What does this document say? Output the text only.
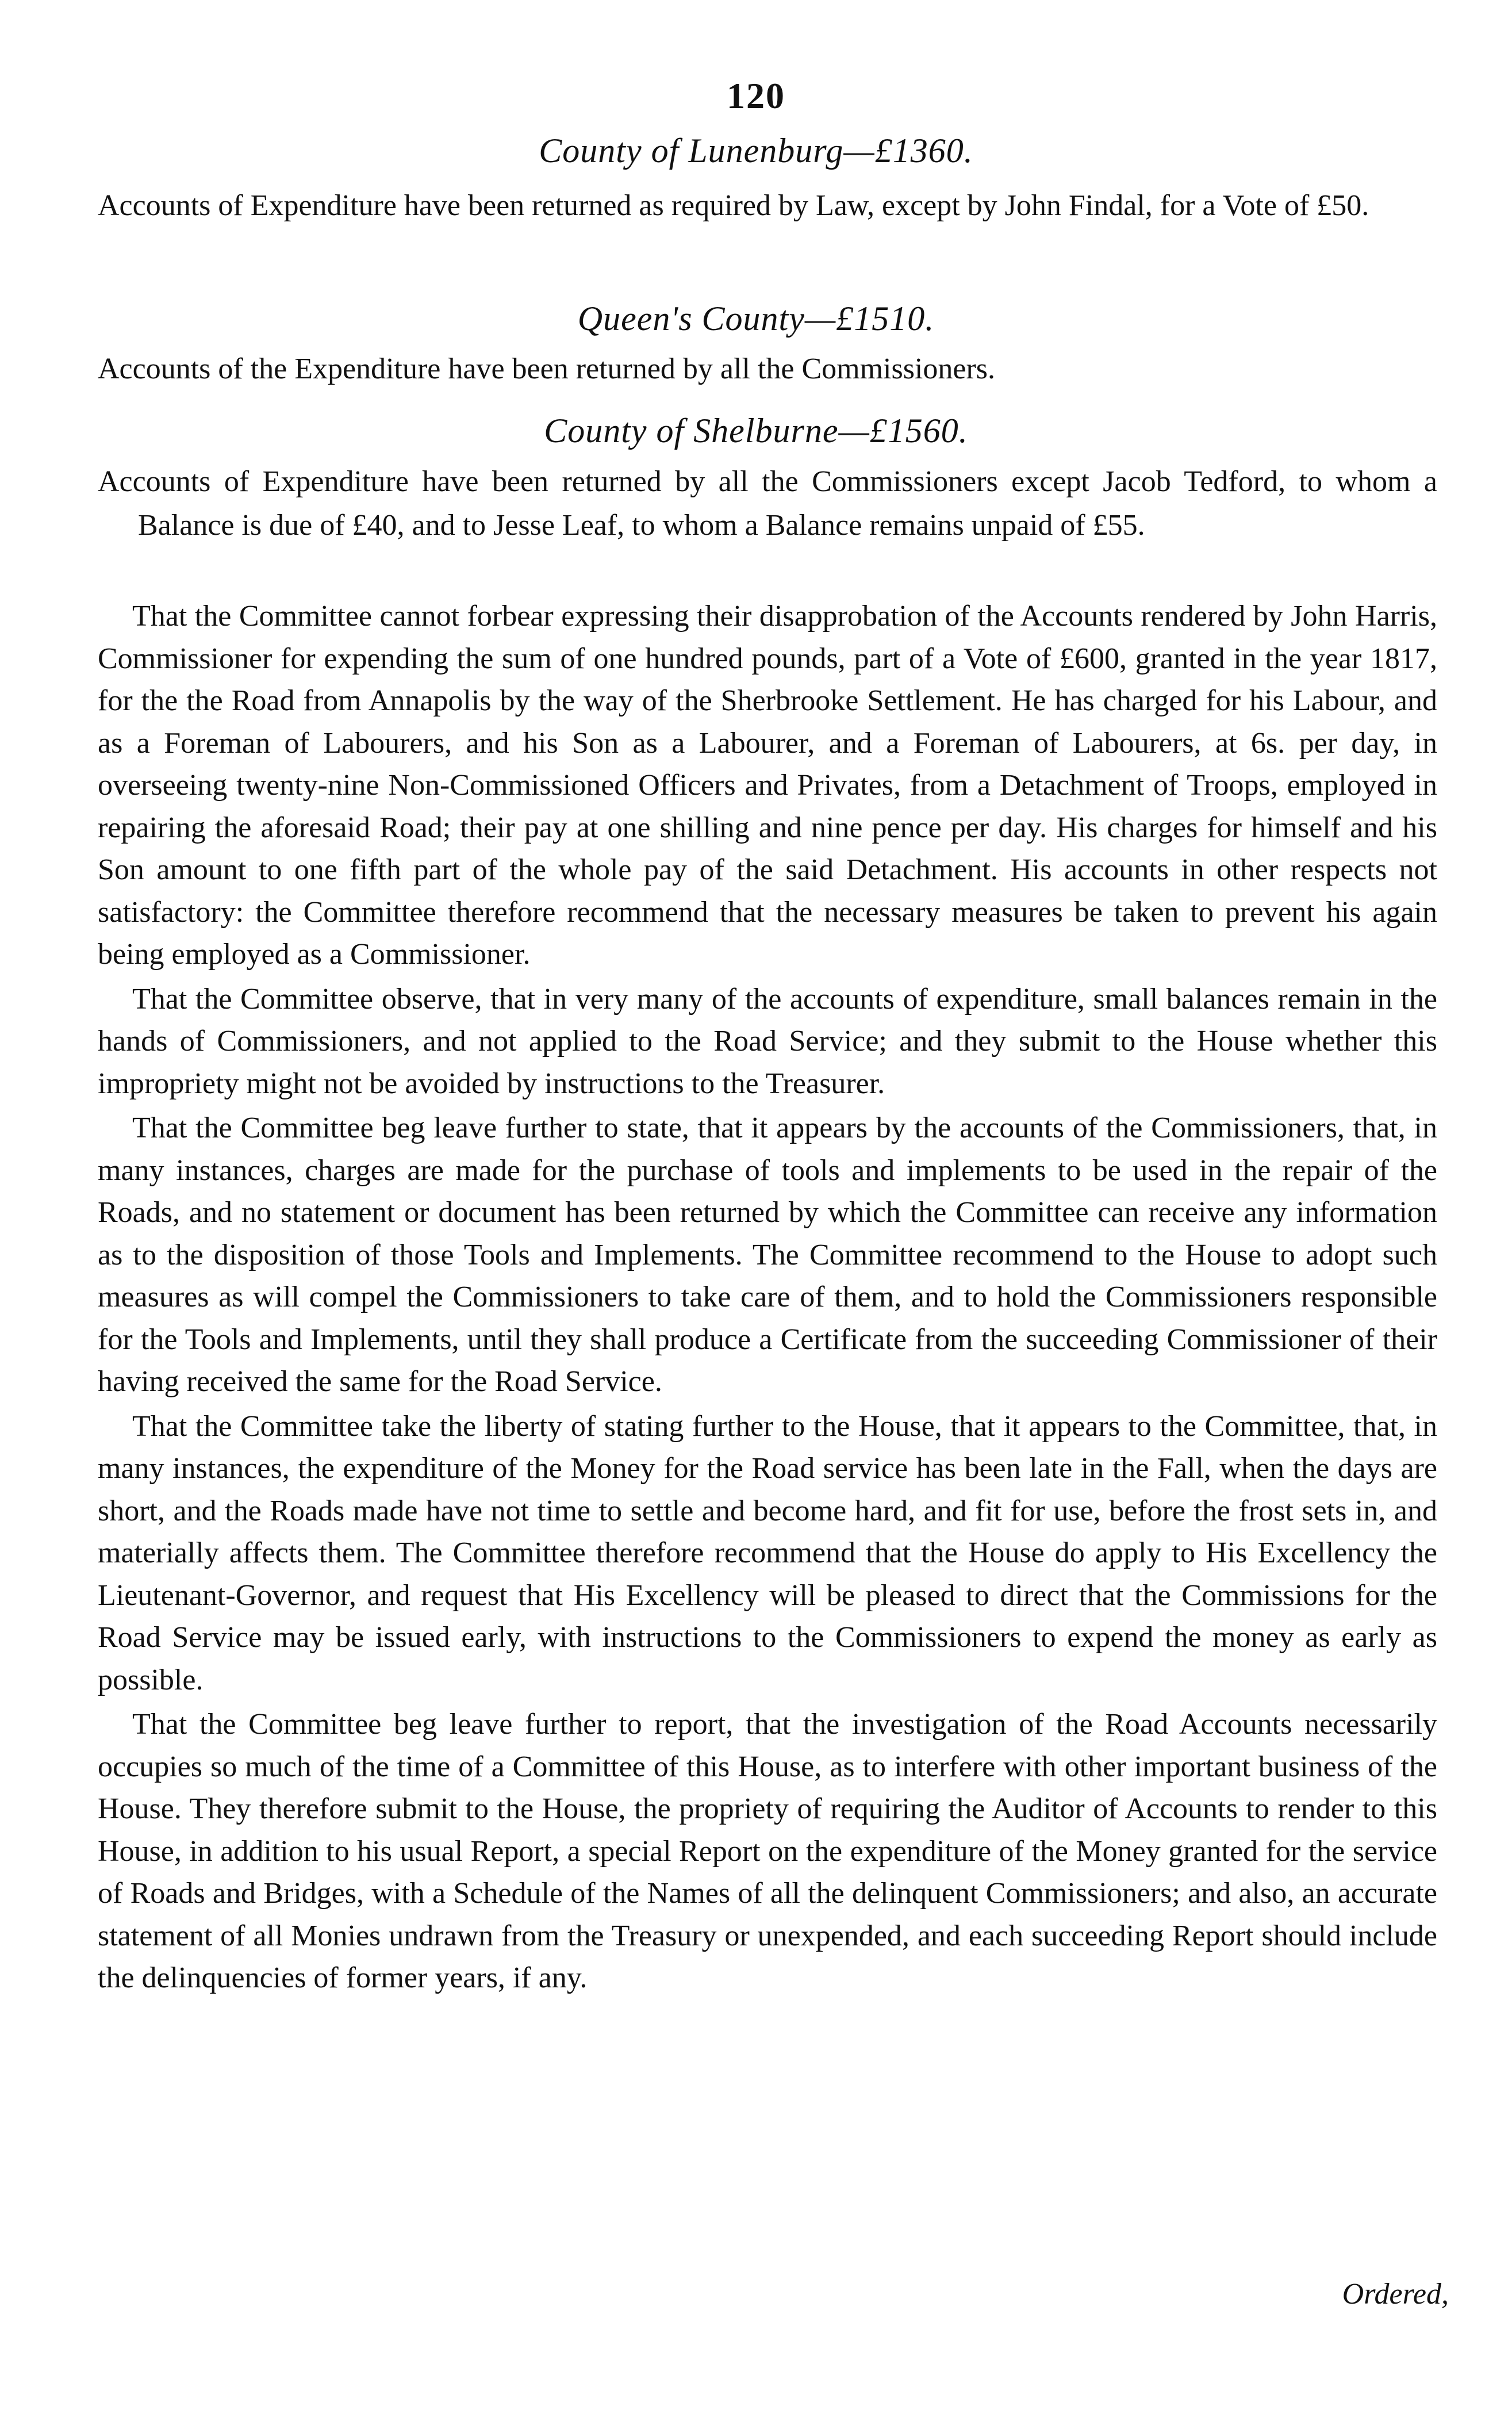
120
County of Lunenburg—£1360.
Accounts of Expenditure have been returned as required by Law, except by John Findal, for a Vote of £50.
Queen's County—£1510.
Accounts of the Expenditure have been returned by all the Commissioners.
County of Shelburne—£1560.
Accounts of Expenditure have been returned by all the Commissioners except Jacob Tedford, to whom a Balance is due of £40, and to Jesse Leaf, to whom a Balance remains unpaid of £55.

That the Committee cannot forbear expressing their disapprobation of the Accounts rendered by John Harris, Commissioner for expending the sum of one hundred pounds, part of a Vote of £600, granted in the year 1817, for the the Road from Annapolis by the way of the Sherbrooke Settlement. He has charged for his Labour, and as a Foreman of Labourers, and his Son as a Labourer, and a Foreman of Labourers, at 6s. per day, in overseeing twenty-nine Non-Commissioned Officers and Privates, from a Detachment of Troops, employed in repairing the aforesaid Road; their pay at one shilling and nine pence per day. His charges for himself and his Son amount to one fifth part of the whole pay of the said Detachment. His accounts in other respects not satisfactory: the Committee therefore recommend that the necessary measures be taken to prevent his again being employed as a Commissioner.

That the Committee observe, that in very many of the accounts of expenditure, small balances remain in the hands of Commissioners, and not applied to the Road Service; and they submit to the House whether this impropriety might not be avoided by instructions to the Treasurer.

That the Committee beg leave further to state, that it appears by the accounts of the Commissioners, that, in many instances, charges are made for the purchase of tools and implements to be used in the repair of the Roads, and no statement or document has been returned by which the Committee can receive any information as to the disposition of those Tools and Implements. The Committee recommend to the House to adopt such measures as will compel the Commissioners to take care of them, and to hold the Commissioners responsible for the Tools and Implements, until they shall produce a Certificate from the succeeding Commissioner of their having received the same for the Road Service.

That the Committee take the liberty of stating further to the House, that it appears to the Committee, that, in many instances, the expenditure of the Money for the Road service has been late in the Fall, when the days are short, and the Roads made have not time to settle and become hard, and fit for use, before the frost sets in, and materially affects them. The Committee therefore recommend that the House do apply to His Excellency the Lieutenant-Governor, and request that His Excellency will be pleased to direct that the Commissions for the Road Service may be issued early, with instructions to the Commissioners to expend the money as early as possible.

That the Committee beg leave further to report, that the investigation of the Road Accounts necessarily occupies so much of the time of a Committee of this House, as to interfere with other important business of the House. They therefore submit to the House, the propriety of requiring the Auditor of Accounts to render to this House, in addition to his usual Report, a special Report on the expenditure of the Money granted for the service of Roads and Bridges, with a Schedule of the Names of all the delinquent Commissioners; and also, an accurate statement of all Monies undrawn from the Treasury or unexpended, and each succeeding Report should include the delinquencies of former years, if any.

Ordered,
